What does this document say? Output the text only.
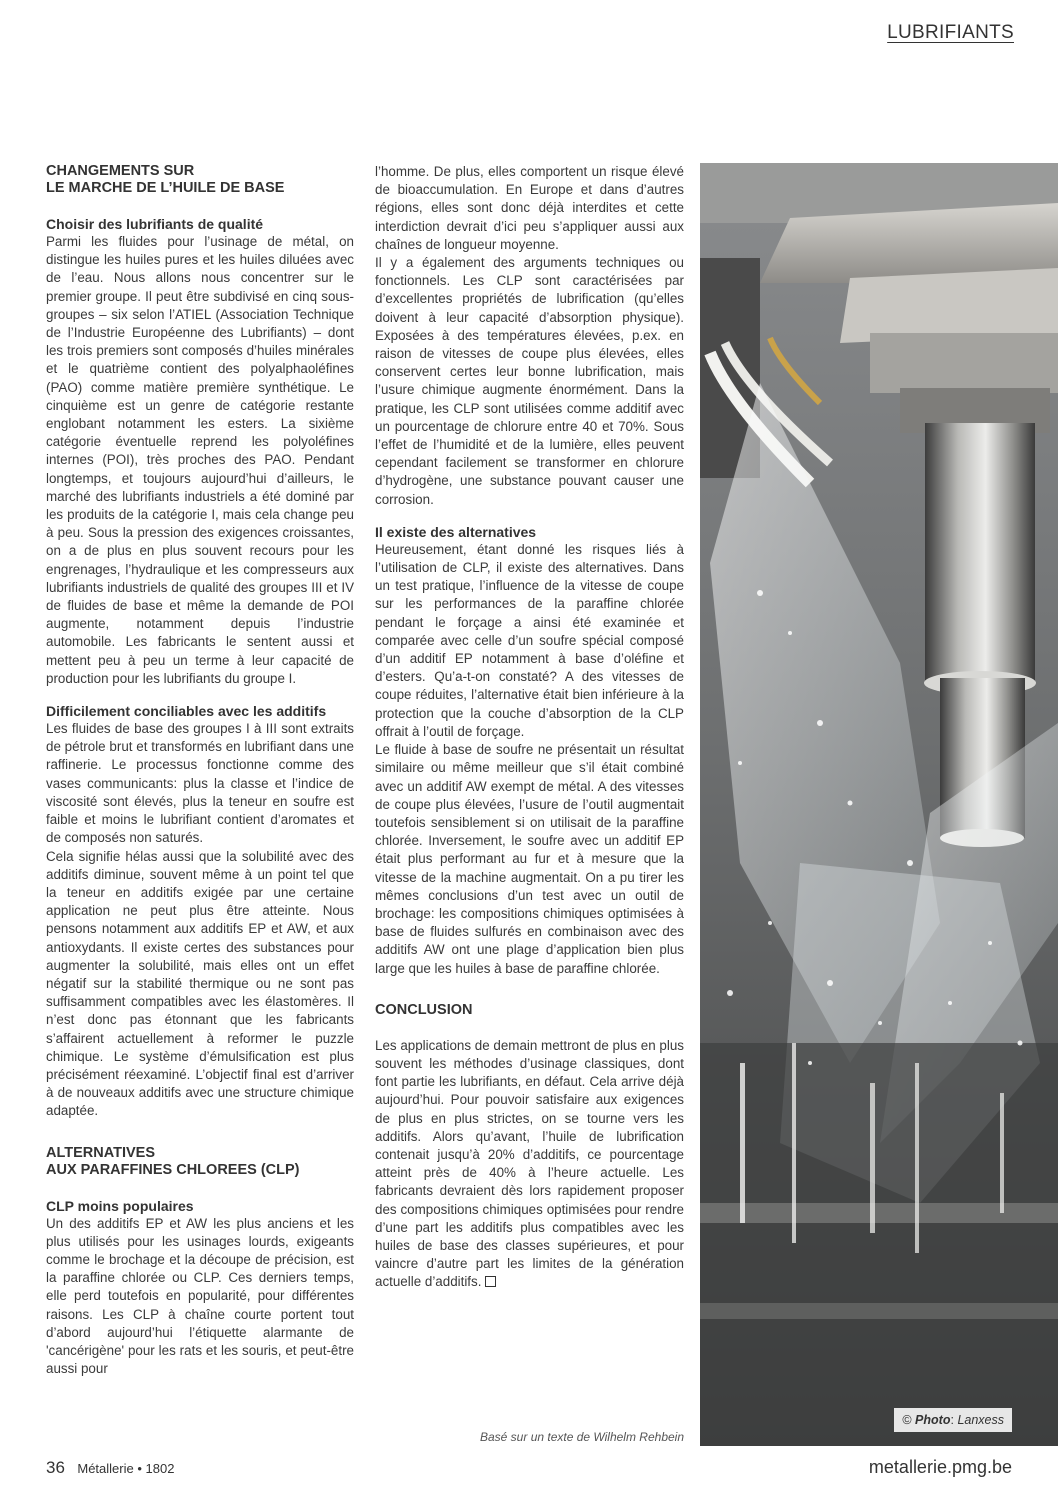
LUBRIFIANTS
CHANGEMENTS SUR
LE MARCHE DE L’HUILE DE BASE
Choisir des lubrifiants de qualité

Parmi les fluides pour l’usinage de métal, on distingue les huiles pures et les huiles diluées avec de l’eau. Nous allons nous concentrer sur le premier groupe. Il peut être subdivisé en cinq sous-groupes – six selon l’ATIEL (Association Technique de l’Industrie Européenne des Lubrifiants) – dont les trois premiers sont composés d’huiles minérales et le quatrième contient des polyalphaoléfines (PAO) comme matière première synthétique. Le cinquième est un genre de catégorie restante englobant notamment les esters. La sixième catégorie éventuelle reprend les polyoléfines internes (POI), très proches des PAO. Pendant longtemps, et toujours aujourd’hui d’ailleurs, le marché des lubrifiants industriels a été dominé par les produits de la catégorie I, mais cela change peu à peu. Sous la pression des exigences croissantes, on a de plus en plus souvent recours pour les engrenages, l’hydraulique et les compresseurs aux lubrifiants industriels de qualité des groupes III et IV de fluides de base et même la demande de POI augmente, notamment depuis l’industrie automobile. Les fabricants le sentent aussi et mettent peu à peu un terme à leur capacité de production pour les lubrifiants du groupe I.

Difficilement conciliables avec les additifs

Les fluides de base des groupes I à III sont extraits de pétrole brut et transformés en lubrifiant dans une raffinerie. Le processus fonctionne comme des vases communicants: plus la classe et l’indice de viscosité sont élevés, plus la teneur en soufre est faible et moins le lubrifiant contient d’aromates et de composés non saturés.

Cela signifie hélas aussi que la solubilité avec des additifs diminue, souvent même à un point tel que la teneur en additifs exigée par une certaine application ne peut plus être atteinte. Nous pensons notamment aux additifs EP et AW, et aux antioxydants. Il existe certes des substances pour augmenter la solubilité, mais elles ont un effet négatif sur la stabilité thermique ou ne sont pas suffisamment compatibles avec les élastomères. Il n’est donc pas étonnant que les fabricants s’affairent actuellement à reformer le puzzle chimique. Le système d’émulsification est plus précisément réexaminé. L’objectif final est d’arriver à de nouveaux additifs avec une structure chimique adaptée.

ALTERNATIVES
AUX PARAFFINES CHLOREES (CLP)
CLP moins populaires

Un des additifs EP et AW les plus anciens et les plus utilisés pour les usinages lourds, exigeants comme le brochage et la découpe de précision, est la paraffine chlorée ou CLP. Ces derniers temps, elle perd toutefois en popularité, pour différentes raisons. Les CLP à chaîne courte portent tout d’abord aujourd’hui l’étiquette alarmante de 'cancérigène' pour les rats et les souris, et peut-être aussi pour

l’homme. De plus, elles comportent un risque élevé de bioaccumulation. En Europe et dans d’autres régions, elles sont donc déjà interdites et cette interdiction devrait d’ici peu s’appliquer aussi aux chaînes de longueur moyenne.

Il y a également des arguments techniques ou fonctionnels. Les CLP sont caractérisées par d’excellentes propriétés de lubrification (qu’elles doivent à leur capacité d’absorption physique). Exposées à des températures élevées, p.ex. en raison de vitesses de coupe plus élevées, elles conservent certes leur bonne lubrification, mais l’usure chimique augmente énormément. Dans la pratique, les CLP sont utilisées comme additif avec un pourcentage de chlorure entre 40 et 70%. Sous l’effet de l’humidité et de la lumière, elles peuvent cependant facilement se transformer en chlorure d’hydrogène, une substance pouvant causer une corrosion.

Il existe des alternatives

Heureusement, étant donné les risques liés à l’utilisation de CLP, il existe des alternatives. Dans un test pratique, l’influence de la vitesse de coupe sur les performances de la paraffine chlorée pendant le forçage a ainsi été examinée et comparée avec celle d’un soufre spécial composé d’un additif EP notamment à base d’oléfine et d’esters. Qu’a-t-on constaté? A des vitesses de coupe réduites, l’alternative était bien inférieure à la protection que la couche d’absorption de la CLP offrait à l’outil de forçage.

Le fluide à base de soufre ne présentait un résultat similaire ou même meilleur que s’il était combiné avec un additif AW exempt de métal. A des vitesses de coupe plus élevées, l’usure de l’outil augmentait toutefois sensiblement si on utilisait de la paraffine chlorée. Inversement, le soufre avec un additif EP était plus performant au fur et à mesure que la vitesse de la machine augmentait. On a pu tirer les mêmes conclusions d’un test avec un outil de brochage: les compositions chimiques optimisées à base de fluides sulfurés en combinaison avec des additifs AW ont une plage d’application bien plus large que les huiles à base de paraffine chlorée.

CONCLUSION

Les applications de demain mettront de plus en plus souvent les méthodes d’usinage classiques, dont font partie les lubrifiants, en défaut. Cela arrive déjà aujourd’hui. Pour pouvoir satisfaire aux exigences de plus en plus strictes, on se tourne vers les additifs. Alors qu’avant, l’huile de lubrification contenait jusqu’à 20% d’additifs, ce pourcentage atteint près de 40% à l’heure actuelle. Les fabricants devraient dès lors rapidement proposer des compositions chimiques optimisées pour rendre d’une part les additifs plus compatibles avec les huiles de base des classes supérieures, et pour vaincre d’autre part les limites de la génération actuelle d’additifs.

Basé sur un texte de Wilhelm Rehbein
© Photo: Lanxess
36 Métallerie • 1802	metallerie.pmg.be
